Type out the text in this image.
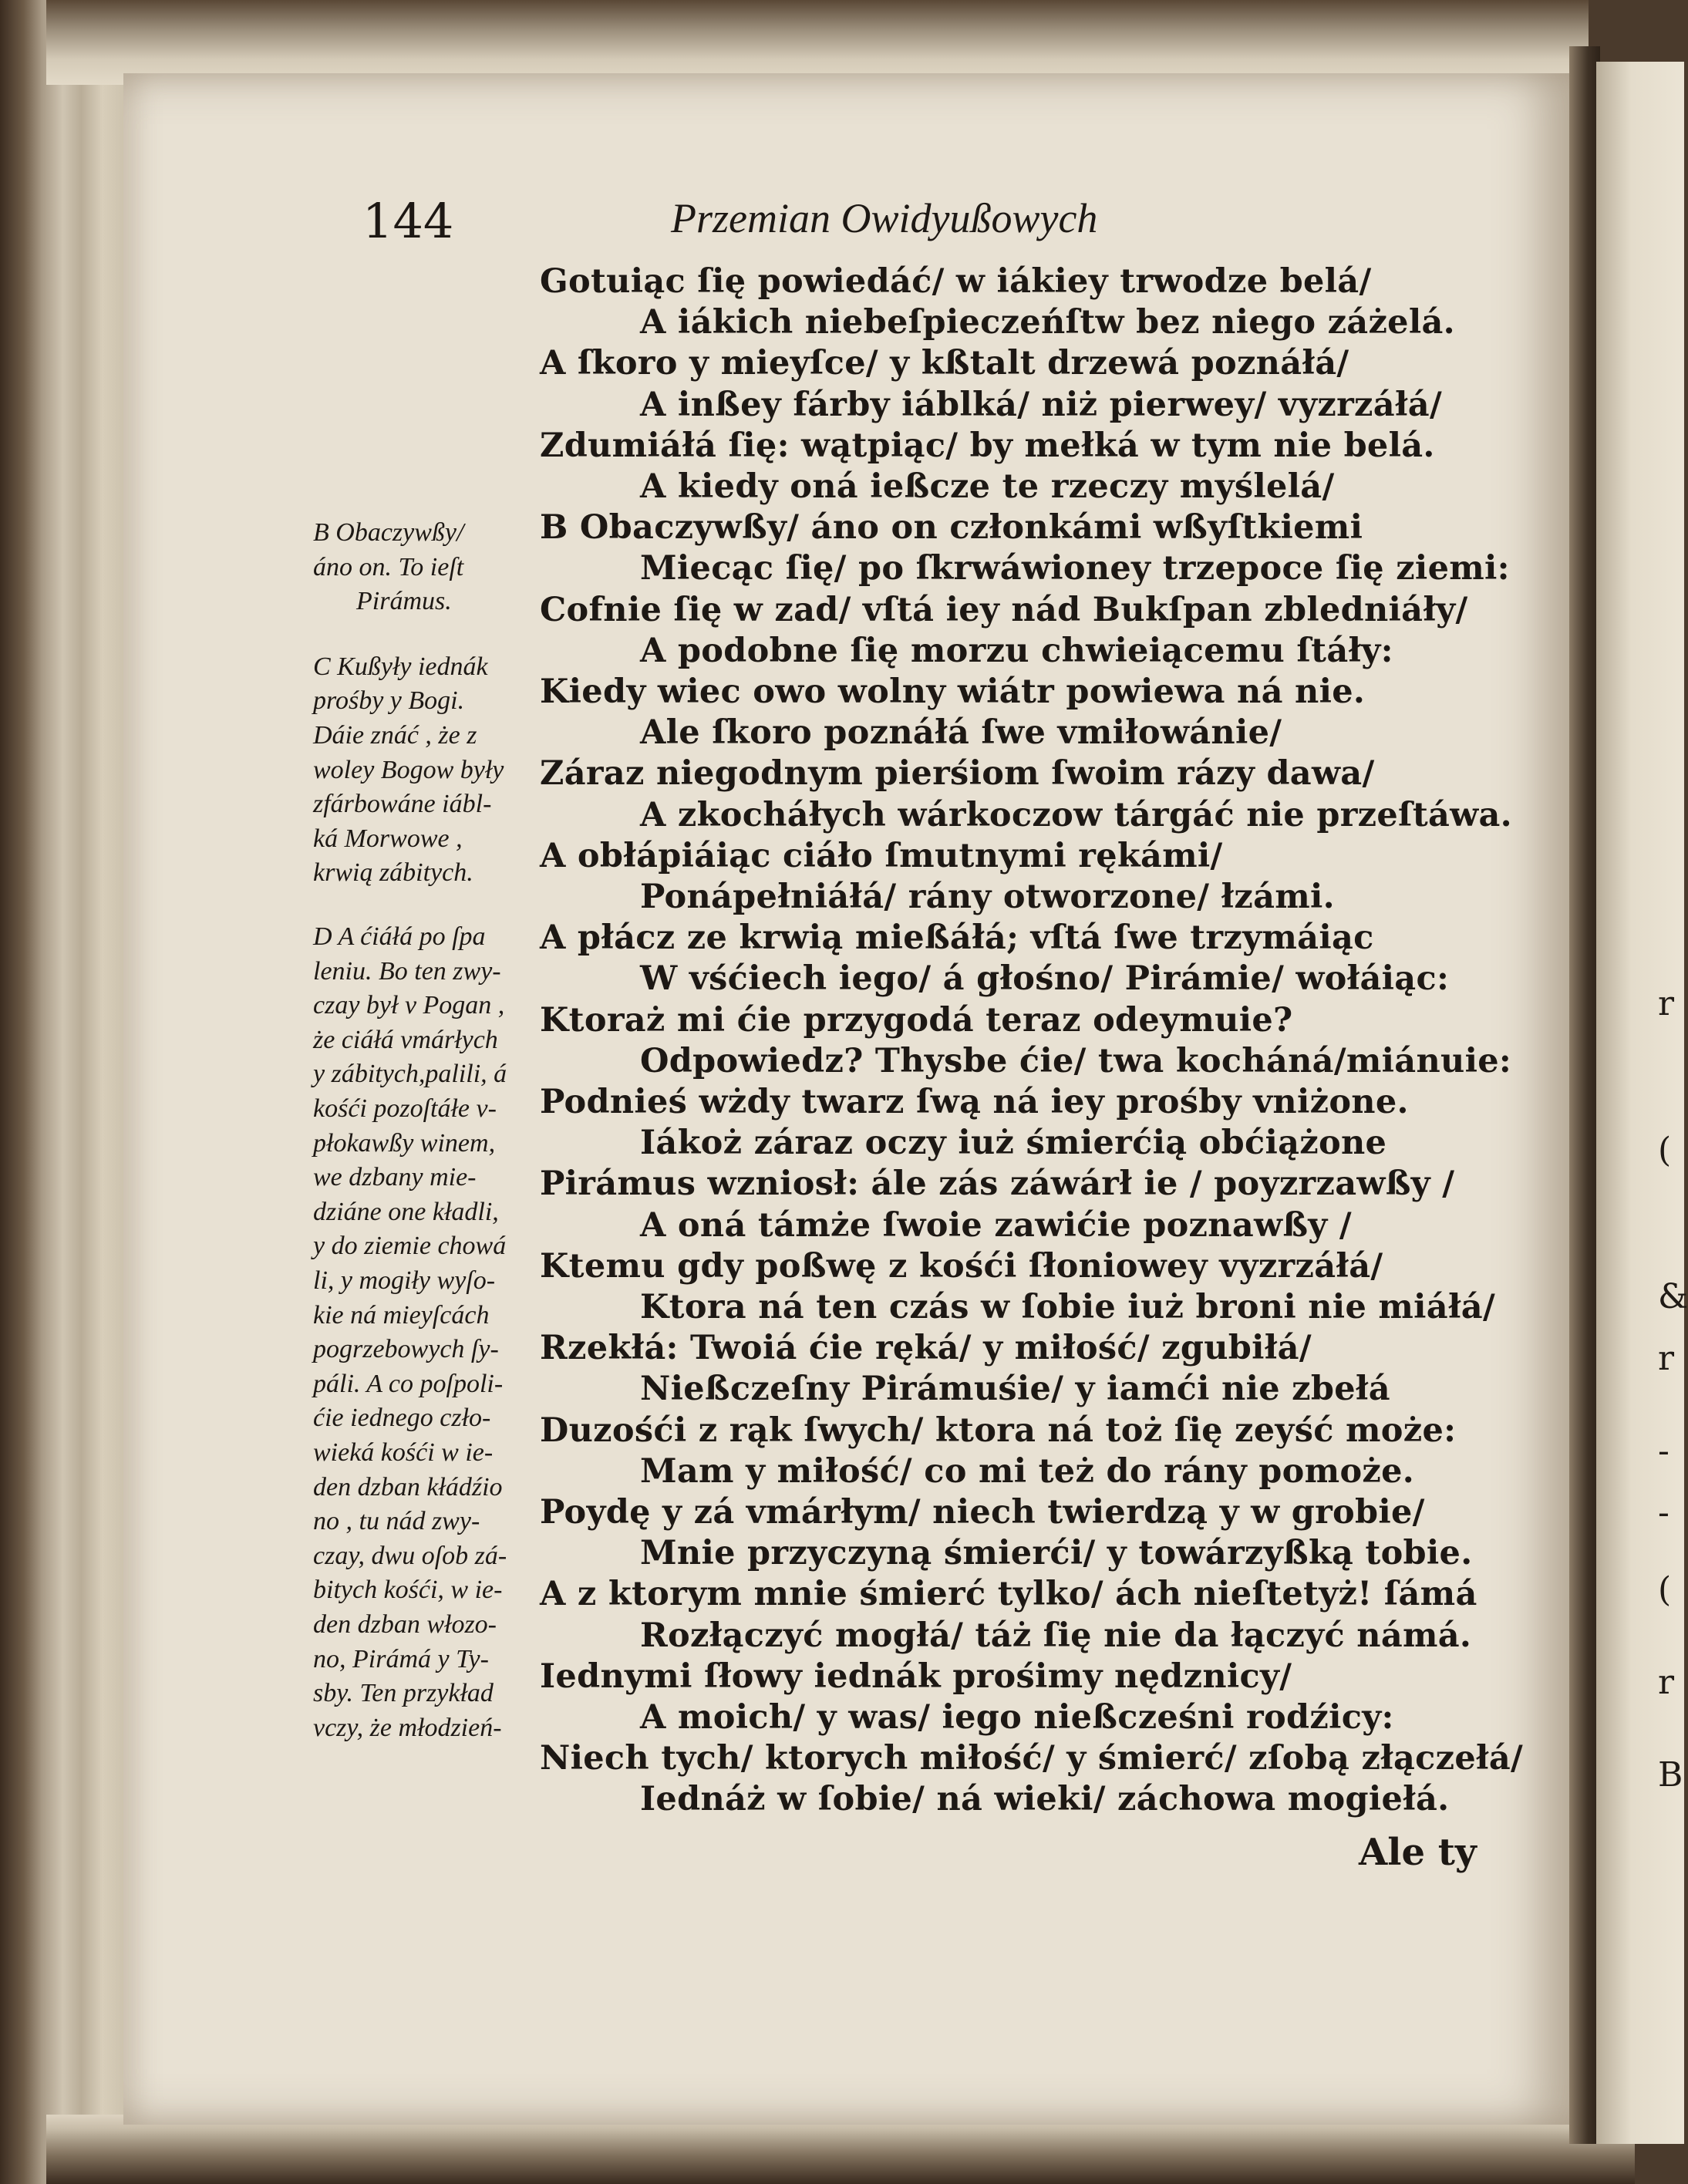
r
(
&
r
-
-
(
r
B
144	Przemian Owidyußowych
Gotuiąc ſię powiedáć/ w iákiey trwodze belá/
A iákich niebeſpieczeńſtw bez niego záżelá.
A ſkoro y mieyſce/ y kßtalt drzewá poznáłá/
A inßey fárby iáblká/ niż pierwey/ vyzrzáłá/
Zdumiáłá ſię: wątpiąc/ by mełká w tym nie belá.
A kiedy oná ießcze te rzeczy myślelá/
B Obaczywßy/ áno on członkámi wßyſtkiemi
Miecąc ſię/ po ſkrwáwioney trzepoce ſię ziemi:
Cofnie ſię w zad/ vſtá iey nád Bukſpan zbledniáły/
A podobne ſię morzu chwieiącemu ſtáły:
Kiedy wiec owo wolny wiátr powiewa ná nie.
Ale ſkoro poznáłá ſwe vmiłowánie/
Zárаz niegodnym pierśiom ſwoim rázy dawa/
A zkocháłych wárkoczow tárgáć nie przeſtáwa.
A obłápiáiąc ciáło ſmutnymi rękámi/
Ponápełniáłá/ rány otworzone/ łzámi.
A płácz ze krwią mießáłá; vſtá ſwe trzymáiąc
W vśćiech iego/ á głośno/ Pirámie/ wołáiąc:
Ktoraż mi ćie przygodá teraz odeymuie?
Odpowiedz? Thysbe ćie/ twa kocháná/miánuie:
Podnieś wżdy twarz ſwą ná iey prośby vniżone.
Iákoż zárаz oczy iuż śmierćią obćiążone
Pirámus wzniosł: ále zás záwárł ie / poyzrzawßy /
A oná támże ſwoie zawićie poznawßy /
Ktemu gdy poßwę z kośći ſłoniowey vyzrzáłá/
Ktora ná ten czás w ſobie iuż broni nie miáłá/
Rzekłá: Twoiá ćie ręká/ y miłość/ zgubiłá/
Nießczeſny Pirámuśie/ y iamći nie zbełá
Duzośći z rąk ſwych/ ktora ná toż ſię zeyść może:
Mam y miłość/ co mi też do rány pomoże.
Poydę y zá vmárłym/ niech twierdzą y w grobie/
Mnie przyczyną śmierći/ y towárzyßką tobie.
A z ktorym mnie śmierć tylko/ ách nieſtetyż! ſámá
Rozłączyć mogłá/ táż ſię nie da łączyć námá.
Iednymi ſłowy iednák prośimy nędznicy/
A moich/ y was/ iego nießcześni rodźicy:
Niech tych/ ktorych miłość/ y śmierć/ zſobą złączełá/
Iednáż w ſobie/ ná wieki/ záchowa mogiełá.
B Obaczywßy/
áno on. To ieſt
Pirámus.
C Kußyły iednák
prośby y Bogi.
Dáie znáć , że z
woley Bogow były
zfárbowáne iábl-
ká Morwowe ,
krwią zábitych.
D A ćiáłá po ſpa
leniu. Bo ten zwy-
czay był v Pogan ,
że ciáłá vmárłych
y zábitych,palili, á
kośći pozoſtáłe v-
płokawßy winem,
we dzbany mie-
dziáne one kładli,
y do ziemie chowá
li, y mogiły wyſo-
kie ná mieyſcách
pogrzebowych ſy-
páli. A co poſpoli-
ćie iednego czło-
wieká kośći w ie-
den dzban kłádźio
no , tu nád zwy-
czay, dwu oſob zá-
bitych kośći, w ie-
den dzban włozo-
no, Pirámá y Ty-
sby. Ten przykład
vczy, że młodzień-
Ale ty
